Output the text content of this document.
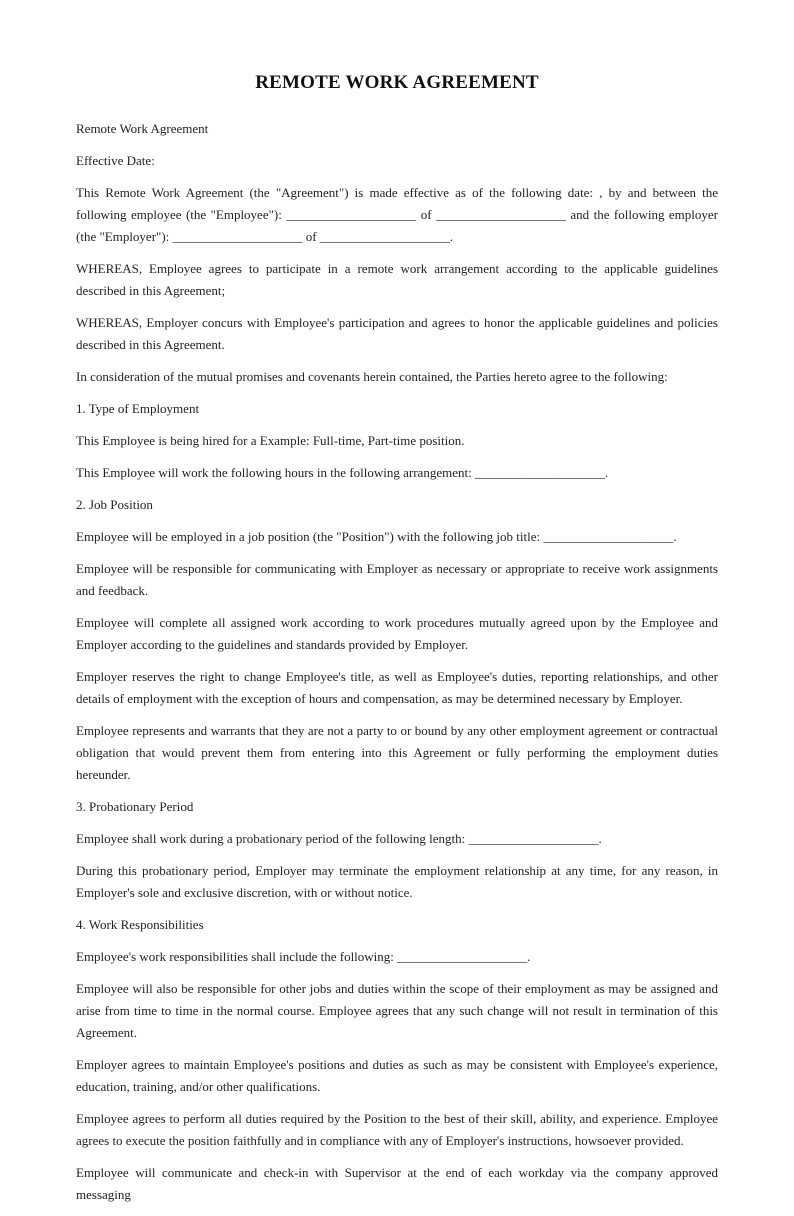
REMOTE WORK AGREEMENT

Remote Work Agreement

Effective Date:

This Remote Work Agreement (the "Agreement") is made effective as of the following date: , by and between the following employee (the "Employee"): ____________________ of ____________________ and the following employer (the "Employer"): ____________________ of ____________________.

WHEREAS, Employee agrees to participate in a remote work arrangement according to the applicable guidelines described in this Agreement;

WHEREAS, Employer concurs with Employee's participation and agrees to honor the applicable guidelines and policies described in this Agreement.

In consideration of the mutual promises and covenants herein contained, the Parties hereto agree to the following:

1. Type of Employment

This Employee is being hired for a Example: Full-time, Part-time position.

This Employee will work the following hours in the following arrangement: ____________________.

2. Job Position

Employee will be employed in a job position (the "Position") with the following job title: ____________________.

Employee will be responsible for communicating with Employer as necessary or appropriate to receive work assignments and feedback.

Employee will complete all assigned work according to work procedures mutually agreed upon by the Employee and Employer according to the guidelines and standards provided by Employer.

Employer reserves the right to change Employee's title, as well as Employee's duties, reporting relationships, and other details of employment with the exception of hours and compensation, as may be determined necessary by Employer.

Employee represents and warrants that they are not a party to or bound by any other employment agreement or contractual obligation that would prevent them from entering into this Agreement or fully performing the employment duties hereunder.

3. Probationary Period

Employee shall work during a probationary period of the following length: ____________________.

During this probationary period, Employer may terminate the employment relationship at any time, for any reason, in Employer's sole and exclusive discretion, with or without notice.

4. Work Responsibilities

Employee's work responsibilities shall include the following: ____________________.

Employee will also be responsible for other jobs and duties within the scope of their employment as may be assigned and arise from time to time in the normal course. Employee agrees that any such change will not result in termination of this Agreement.

Employer agrees to maintain Employee's positions and duties as such as may be consistent with Employee's experience, education, training, and/or other qualifications.

Employee agrees to perform all duties required by the Position to the best of their skill, ability, and experience. Employee agrees to execute the position faithfully and in compliance with any of Employer's instructions, howsoever provided.

Employee will communicate and check-in with Supervisor at the end of each workday via the company approved messaging
